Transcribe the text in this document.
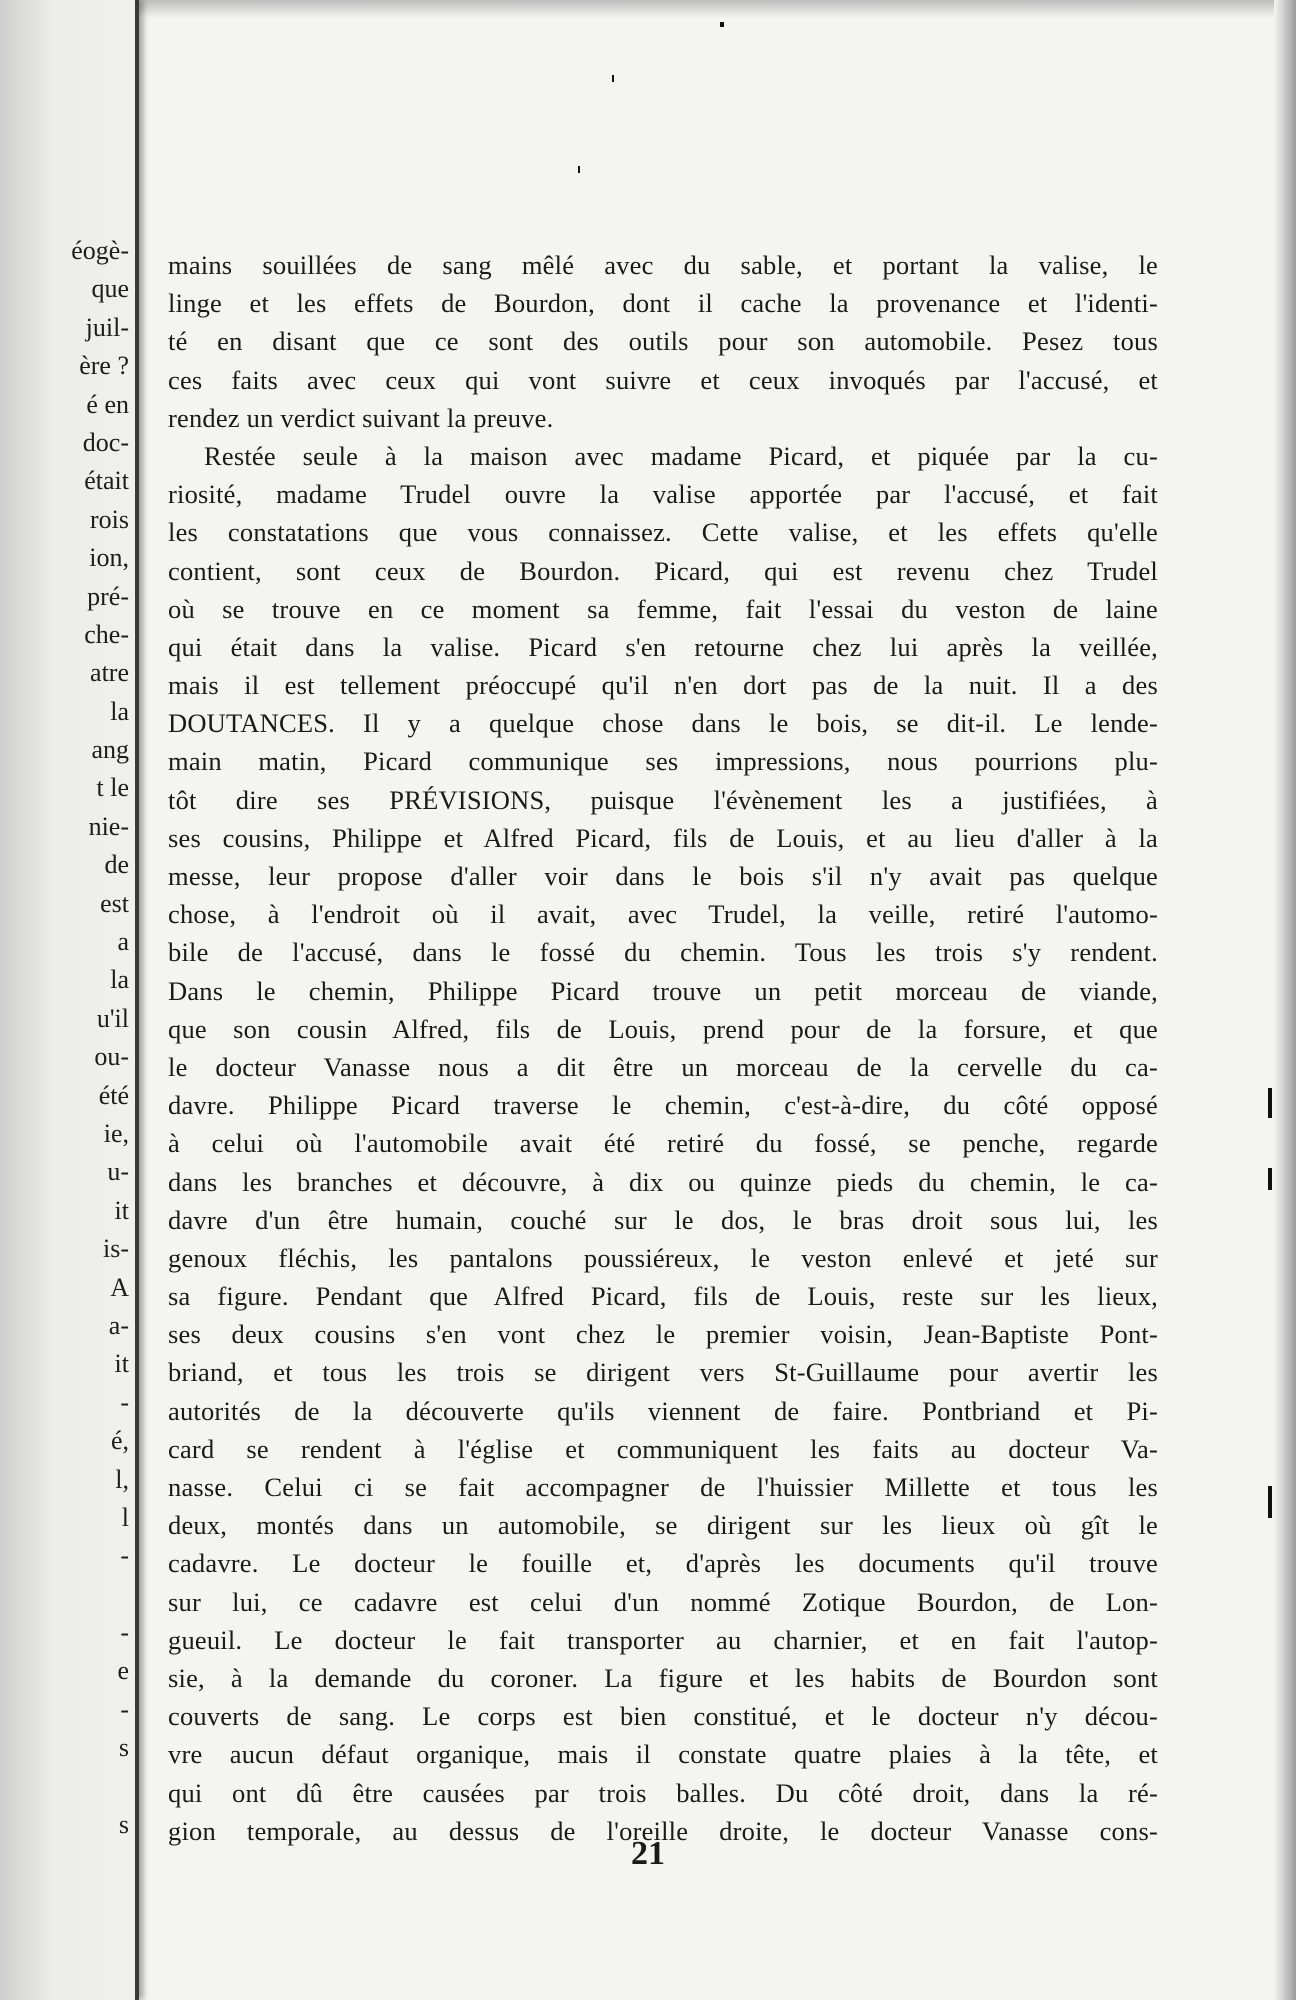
éogè-
que
juil-
ère ?
é en
doc-
était
rois
ion,
pré-
che-
atre
la
ang
t le
nie-
de
est
a
la
u'il
ou-
été
ie,
u-
it
is-
A
a-
it
-
é,
l,
l
-
-
e
-
s
s
mains souillées de sang mêlé avec du sable, et portant la valise, le
linge et les effets de Bourdon, dont il cache la provenance et l'identi-
té en disant que ce sont des outils pour son automobile. Pesez tous
ces faits avec ceux qui vont suivre et ceux invoqués par l'accusé, et
rendez un verdict suivant la preuve.
Restée seule à la maison avec madame Picard, et piquée par la cu-
riosité, madame Trudel ouvre la valise apportée par l'accusé, et fait
les constatations que vous connaissez. Cette valise, et les effets qu'elle
contient, sont ceux de Bourdon. Picard, qui est revenu chez Trudel
où se trouve en ce moment sa femme, fait l'essai du veston de laine
qui était dans la valise. Picard s'en retourne chez lui après la veillée,
mais il est tellement préoccupé qu'il n'en dort pas de la nuit. Il a des
DOUTANCES. Il y a quelque chose dans le bois, se dit-il. Le lende-
main matin, Picard communique ses impressions, nous pourrions plu-
tôt dire ses PRÉVISIONS, puisque l'évènement les a justifiées, à
ses cousins, Philippe et Alfred Picard, fils de Louis, et au lieu d'aller à la
messe, leur propose d'aller voir dans le bois s'il n'y avait pas quelque
chose, à l'endroit où il avait, avec Trudel, la veille, retiré l'automo-
bile de l'accusé, dans le fossé du chemin. Tous les trois s'y rendent.
Dans le chemin, Philippe Picard trouve un petit morceau de viande,
que son cousin Alfred, fils de Louis, prend pour de la forsure, et que
le docteur Vanasse nous a dit être un morceau de la cervelle du ca-
davre. Philippe Picard traverse le chemin, c'est-à-dire, du côté opposé
à celui où l'automobile avait été retiré du fossé, se penche, regarde
dans les branches et découvre, à dix ou quinze pieds du chemin, le ca-
davre d'un être humain, couché sur le dos, le bras droit sous lui, les
genoux fléchis, les pantalons poussiéreux, le veston enlevé et jeté sur
sa figure. Pendant que Alfred Picard, fils de Louis, reste sur les lieux,
ses deux cousins s'en vont chez le premier voisin, Jean-Baptiste Pont-
briand, et tous les trois se dirigent vers St-Guillaume pour avertir les
autorités de la découverte qu'ils viennent de faire. Pontbriand et Pi-
card se rendent à l'église et communiquent les faits au docteur Va-
nasse. Celui ci se fait accompagner de l'huissier Millette et tous les
deux, montés dans un automobile, se dirigent sur les lieux où gît le
cadavre. Le docteur le fouille et, d'après les documents qu'il trouve
sur lui, ce cadavre est celui d'un nommé Zotique Bourdon, de Lon-
gueuil. Le docteur le fait transporter au charnier, et en fait l'autop-
sie, à la demande du coroner. La figure et les habits de Bourdon sont
couverts de sang. Le corps est bien constitué, et le docteur n'y décou-
vre aucun défaut organique, mais il constate quatre plaies à la tête, et
qui ont dû être causées par trois balles. Du côté droit, dans la ré-
gion temporale, au dessus de l'oreille droite, le docteur Vanasse cons-
21
